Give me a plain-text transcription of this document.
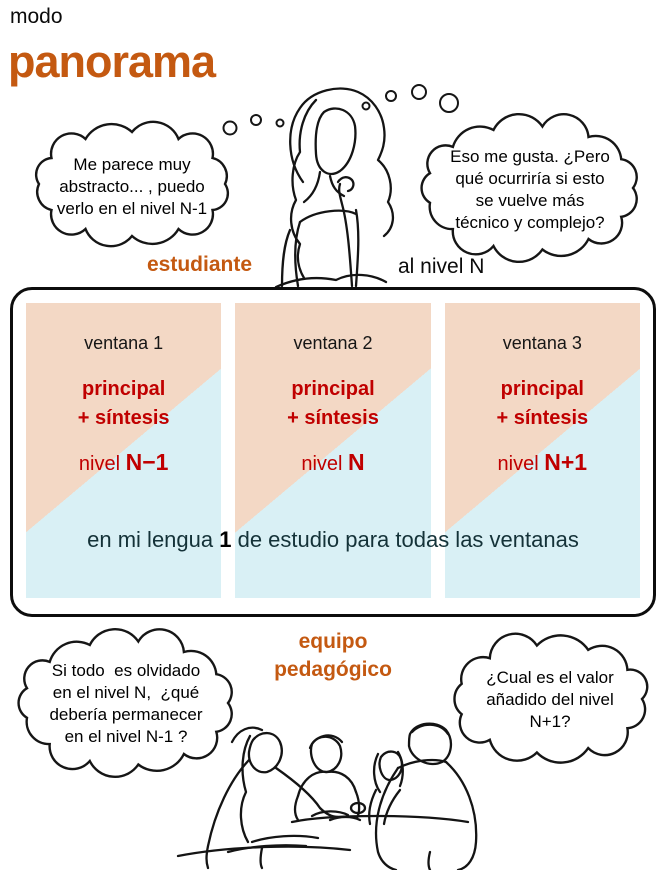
modo
panorama
estudiante	al nivel N
Me parece muy
abstracto... , puedo
verlo en el nivel N-1
Eso me gusta. ¿Pero
qué ocurriría si esto
se vuelve más
técnico y complejo?
ventana 1
principal
+ síntesis
nivel N−1
ventana 2
principal
+ síntesis
nivel N
ventana 3
principal
+ síntesis
nivel N+1
en mi lengua 1 de estudio para todas las ventanas
equipo
pedagógico
Si todo  es olvidado
en el nivel N,  ¿qué
debería permanecer
en el nivel N-1 ?
¿Cual es el valor
añadido del nivel
N+1?
